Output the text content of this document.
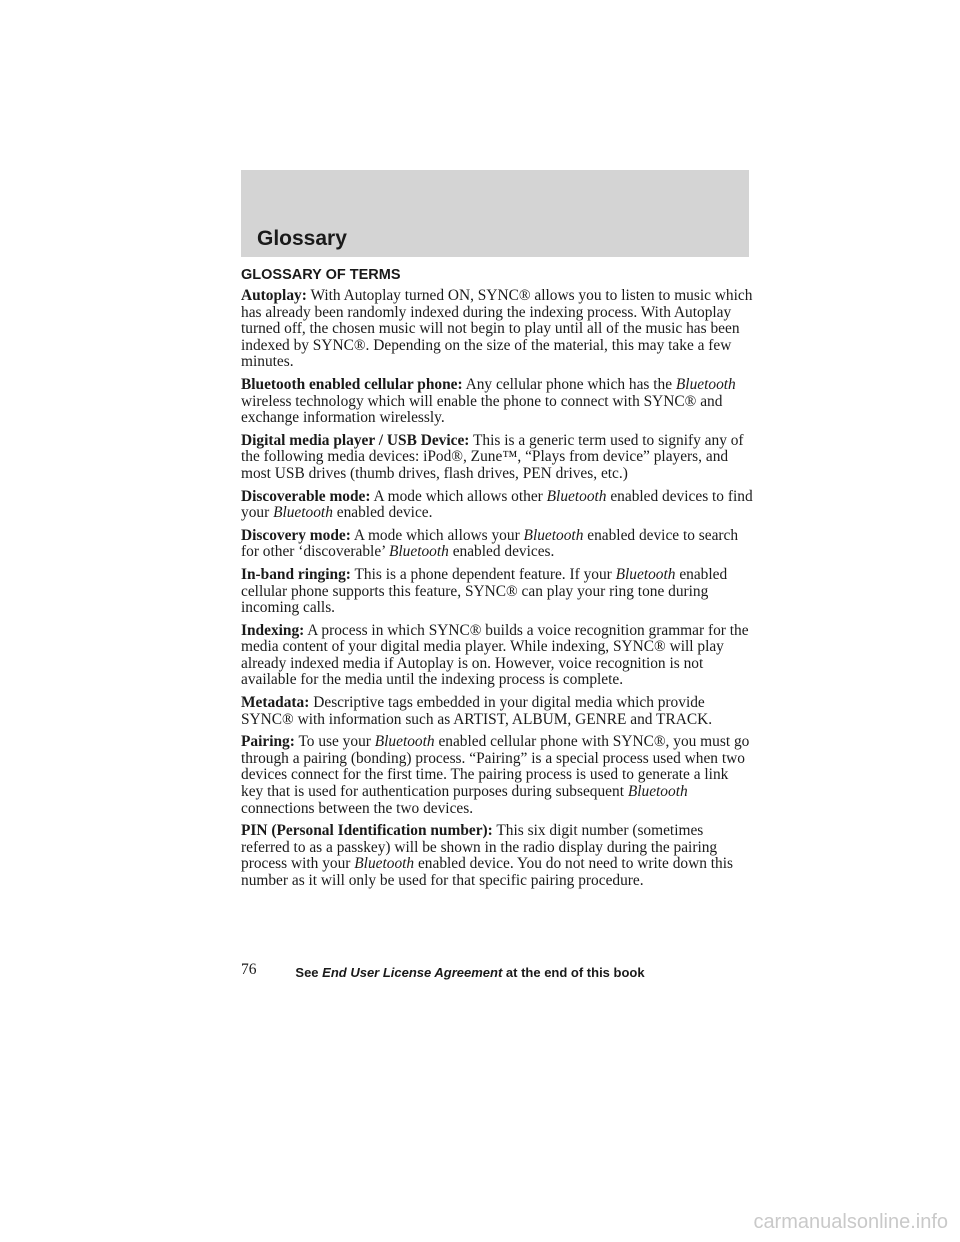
Glossary
GLOSSARY OF TERMS

Autoplay: With Autoplay turned ON, SYNC® allows you to listen to music which has already been randomly indexed during the indexing process. With Autoplay turned off, the chosen music will not begin to play until all of the music has been indexed by SYNC®. Depending on the size of the material, this may take a few minutes.

Bluetooth enabled cellular phone: Any cellular phone which has the Bluetooth wireless technology which will enable the phone to connect with SYNC® and exchange information wirelessly.

Digital media player / USB Device: This is a generic term used to signify any of the following media devices: iPod®, Zune™, “Plays from device” players, and most USB drives (thumb drives, flash drives, PEN drives, etc.)

Discoverable mode: A mode which allows other Bluetooth enabled devices to find your Bluetooth enabled device.

Discovery mode: A mode which allows your Bluetooth enabled device to search for other ‘discoverable’ Bluetooth enabled devices.

In-band ringing: This is a phone dependent feature. If your Bluetooth enabled cellular phone supports this feature, SYNC® can play your ring tone during incoming calls.

Indexing: A process in which SYNC® builds a voice recognition grammar for the media content of your digital media player. While indexing, SYNC® will play already indexed media if Autoplay is on. However, voice recognition is not available for the media until the indexing process is complete.

Metadata: Descriptive tags embedded in your digital media which provide SYNC® with information such as ARTIST, ALBUM, GENRE and TRACK.

Pairing: To use your Bluetooth enabled cellular phone with SYNC®, you must go through a pairing (bonding) process. “Pairing” is a special process used when two devices connect for the first time. The pairing process is used to generate a link key that is used for authentication purposes during subsequent Bluetooth connections between the two devices.

PIN (Personal Identification number): This six digit number (sometimes referred to as a passkey) will be shown in the radio display during the pairing process with your Bluetooth enabled device. You do not need to write down this number as it will only be used for that specific pairing procedure.

76	See End User License Agreement at the end of this book
carmanualsonline.info
